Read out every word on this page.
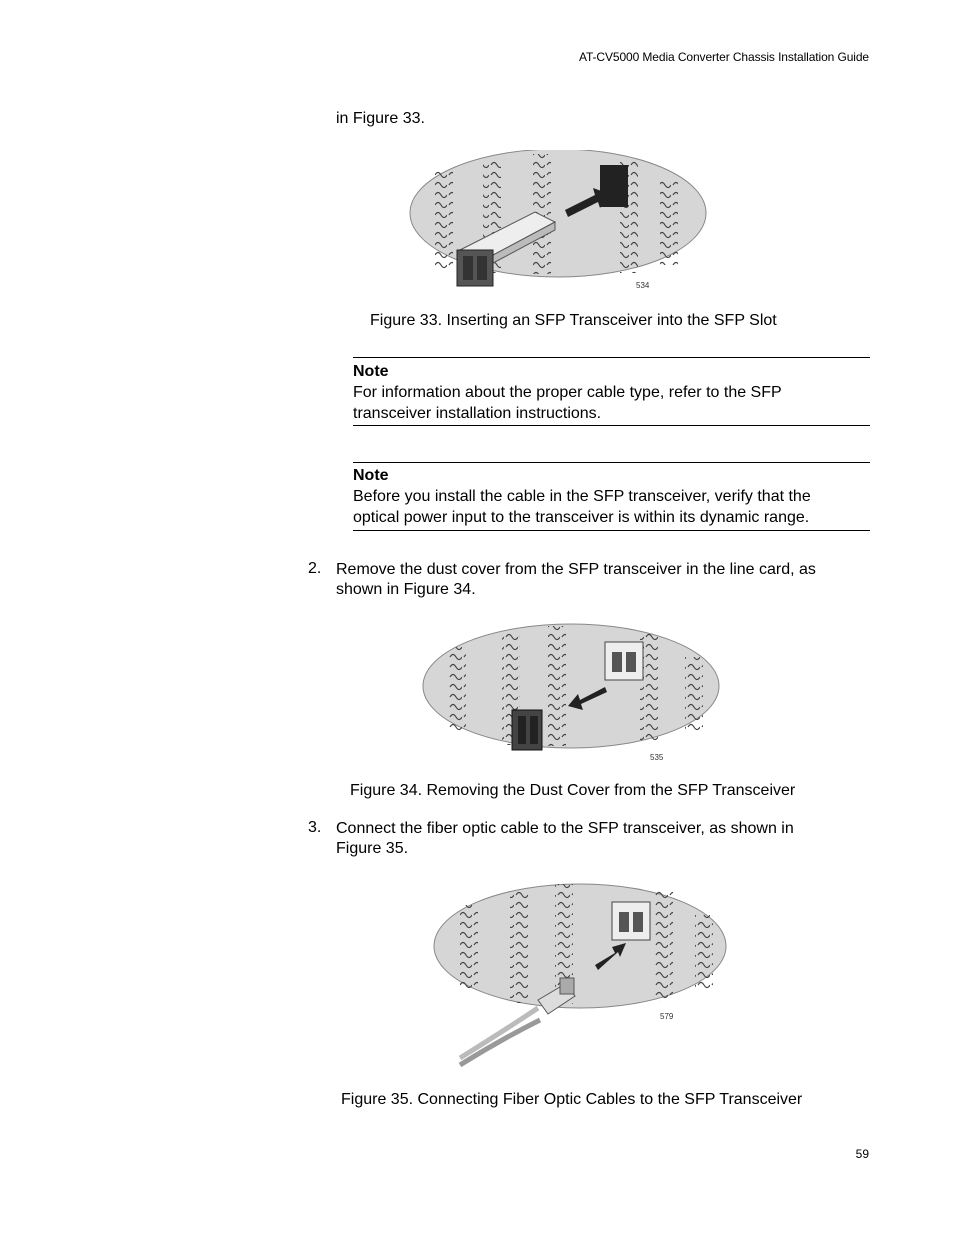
AT-CV5000 Media Converter Chassis Installation Guide
in Figure 33.
534
Figure 33. Inserting an SFP Transceiver into the SFP Slot
Note
For information about the proper cable type, refer to the SFP
transceiver installation instructions.
Note
Before you install the cable in the SFP transceiver, verify that the
optical power input to the transceiver is within its dynamic range.
2. Remove the dust cover from the SFP transceiver in the line card, as
shown in Figure 34.
535
Figure 34. Removing the Dust Cover from the SFP Transceiver
3. Connect the fiber optic cable to the SFP transceiver, as shown in
Figure 35.
579
Figure 35. Connecting Fiber Optic Cables to the SFP Transceiver
59
